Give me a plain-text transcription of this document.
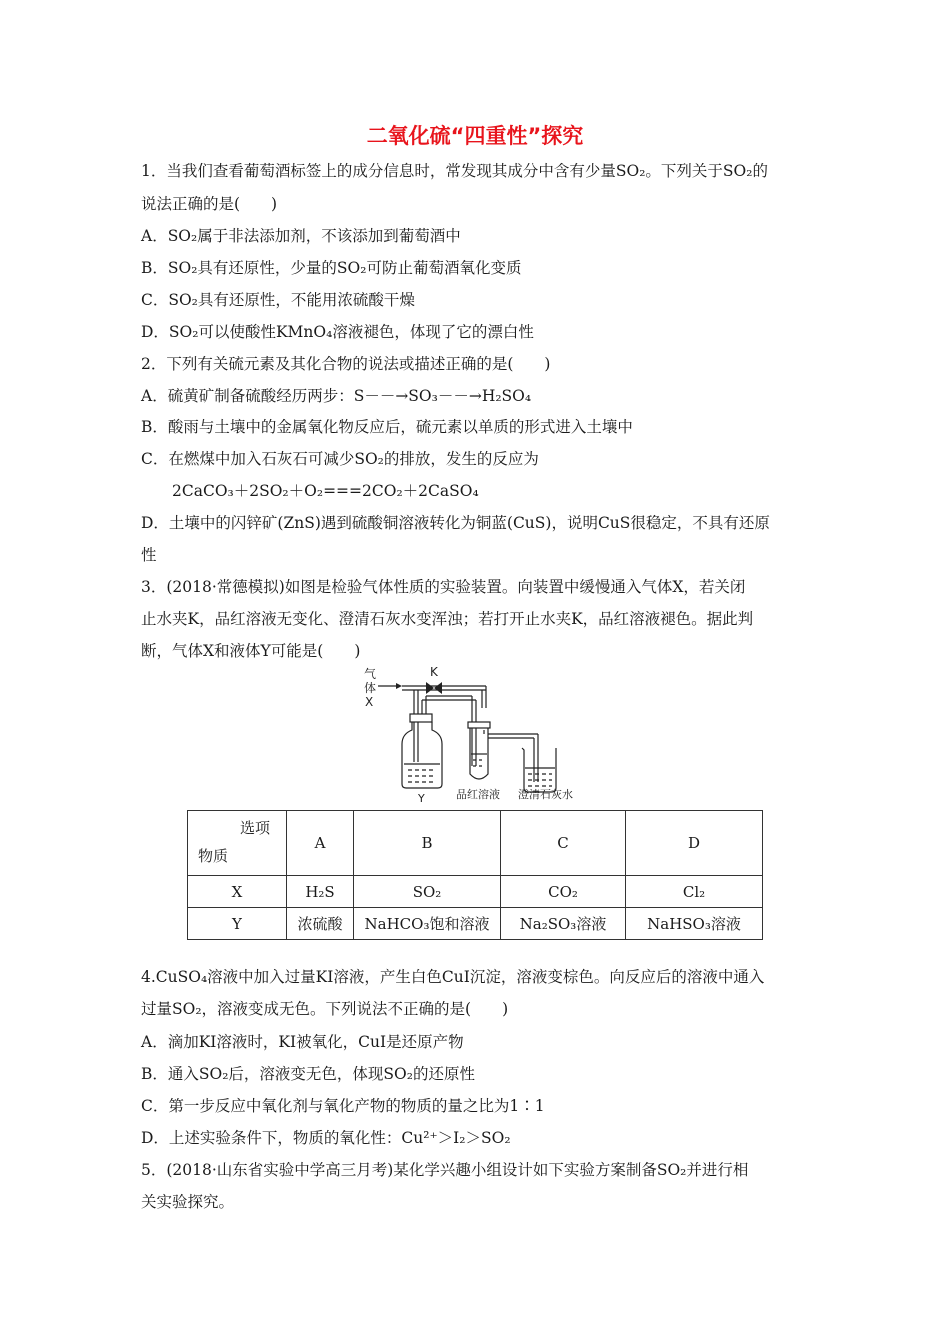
二氧化硫“四重性”探究
1．当我们查看葡萄酒标签上的成分信息时，常发现其成分中含有少量SO₂。下列关于SO₂的
说法正确的是(　　)
A．SO₂属于非法添加剂，不该添加到葡萄酒中
B．SO₂具有还原性，少量的SO₂可防止葡萄酒氧化变质
C．SO₂具有还原性，不能用浓硫酸干燥
D．SO₂可以使酸性KMnO₄溶液褪色，体现了它的漂白性
2．下列有关硫元素及其化合物的说法或描述正确的是(　　)
A．硫黄矿制备硫酸经历两步：S－－→SO₃－－→H₂SO₄
B．酸雨与土壤中的金属氧化物反应后，硫元素以单质的形式进入土壤中
C．在燃煤中加入石灰石可减少SO₂的排放，发生的反应为
2CaCO₃＋2SO₂＋O₂===2CO₂＋2CaSO₄
D．土壤中的闪锌矿(ZnS)遇到硫酸铜溶液转化为铜蓝(CuS)，说明CuS很稳定，不具有还原
性
3．(2018·常德模拟)如图是检验气体性质的实验装置。向装置中缓慢通入气体X，若关闭
止水夹K，品红溶液无变化、澄清石灰水变浑浊；若打开止水夹K，品红溶液褪色。据此判
断，气体X和液体Y可能是(　　)
气
体
X
K
Y	品红溶液 澄清石灰水
选项
物质	A	B	C	D
X	H₂S	SO₂	CO₂	Cl₂
Y	浓硫酸	NaHCO₃饱和溶液	Na₂SO₃溶液	NaHSO₃溶液
4.CuSO₄溶液中加入过量KI溶液，产生白色CuI沉淀，溶液变棕色。向反应后的溶液中通入
过量SO₂，溶液变成无色。下列说法不正确的是(　　)
A．滴加KI溶液时，KI被氧化，CuI是还原产物
B．通入SO₂后，溶液变无色，体现SO₂的还原性
C．第一步反应中氧化剂与氧化产物的物质的量之比为1∶1
D．上述实验条件下，物质的氧化性：Cu²⁺＞I₂＞SO₂
5．(2018·山东省实验中学高三月考)某化学兴趣小组设计如下实验方案制备SO₂并进行相
关实验探究。
